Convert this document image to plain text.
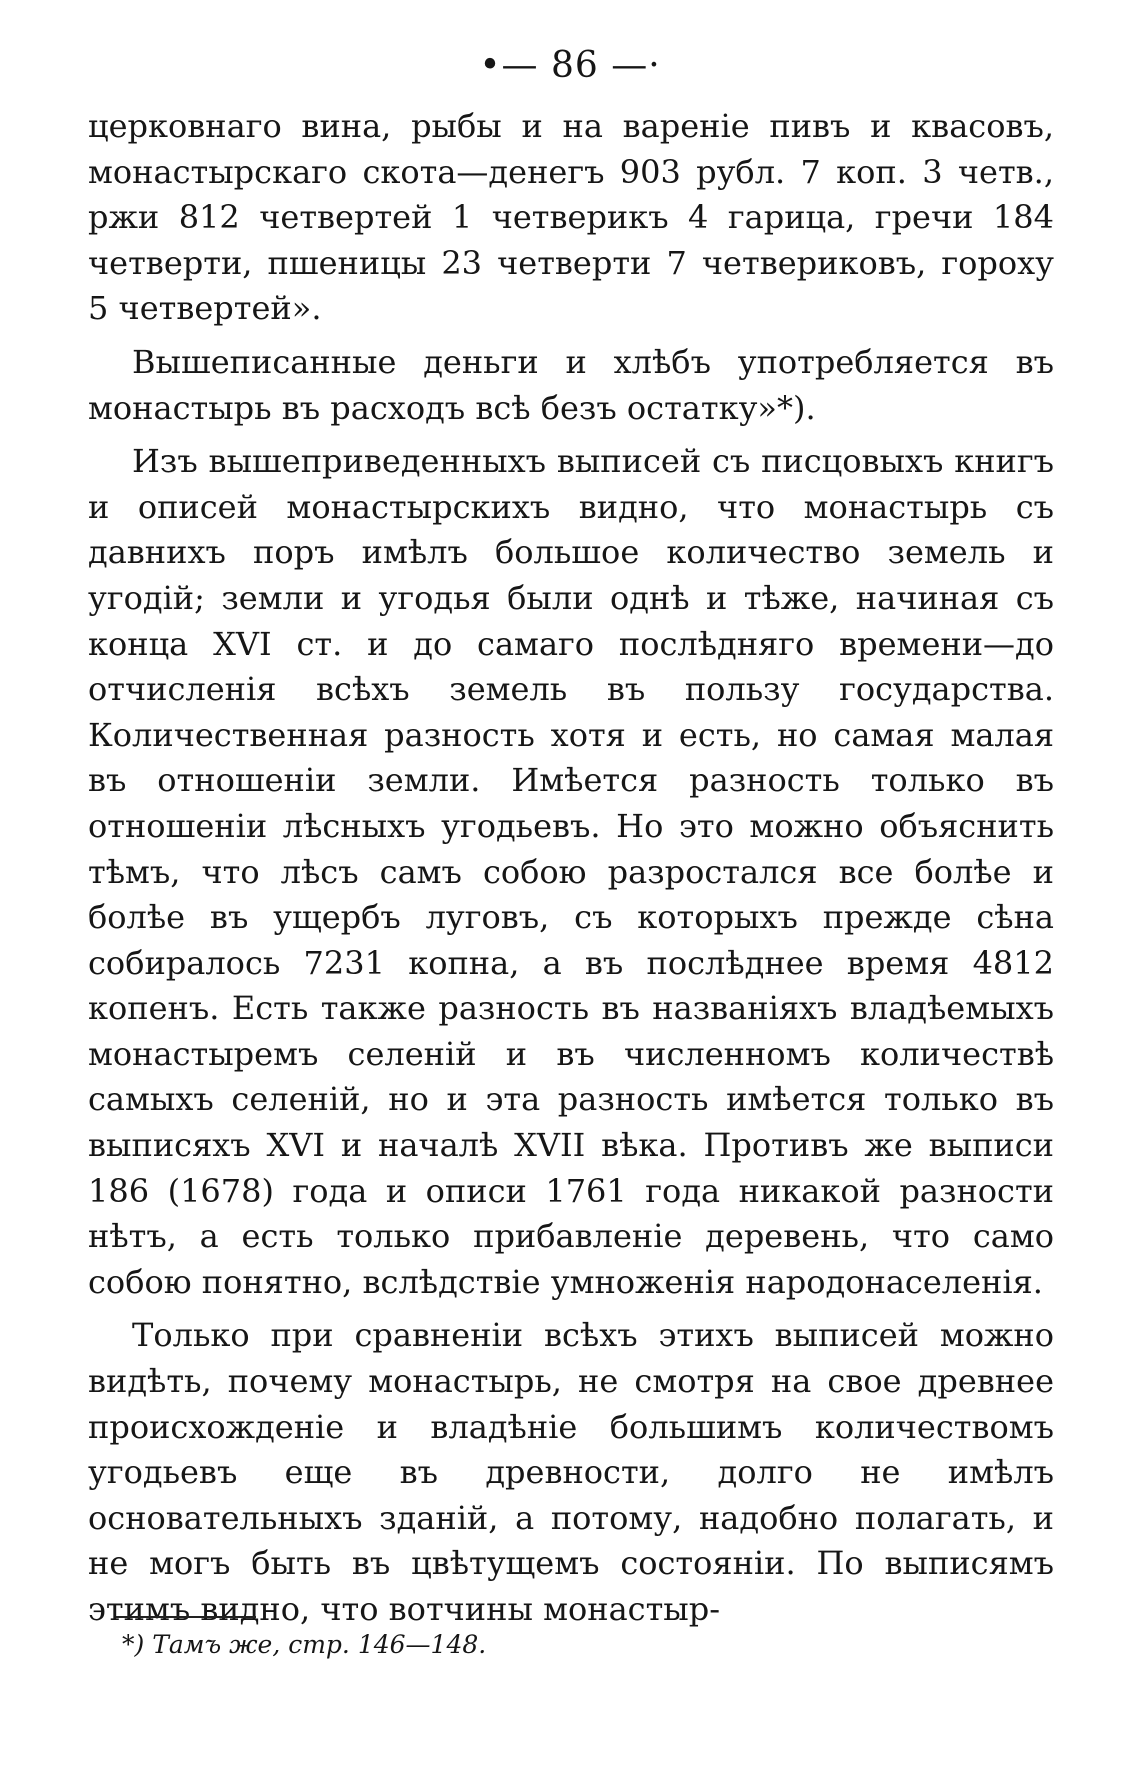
•— 86 —·

церковнаго вина, рыбы и на вареніе пивъ и квасовъ, монастырскаго скота—денегъ 903 рубл. 7 коп. 3 четв., ржи 812 четвертей 1 четверикъ 4 гарица, гречи 184 четверти, пшеницы 23 четверти 7 четвериковъ, гороху 5 четвертей».

Вышеписанные деньги и хлѣбъ употребляется въ монастырь въ расходъ всѣ безъ остатку»*).

Изъ вышеприведенныхъ выписей съ писцовыхъ книгъ и описей монастырскихъ видно, что монастырь съ давнихъ поръ имѣлъ большое количество земель и угодій; земли и угодья были однѣ и тѣже, начиная съ конца XVI ст. и до самаго послѣдняго времени—до отчисленія всѣхъ земель въ пользу государства. Количественная разность хотя и есть, но самая малая въ отношеніи земли. Имѣется разность только въ отношеніи лѣсныхъ угодьевъ. Но это можно объяснить тѣмъ, что лѣсъ самъ собою разростался все болѣе и болѣе въ ущербъ луговъ, съ которыхъ прежде сѣна собиралось 7231 копна, а въ послѣднее время 4812 копенъ. Есть также разность въ названіяхъ владѣемыхъ монастыремъ селеній и въ численномъ количествѣ самыхъ селеній, но и эта разность имѣется только въ выписяхъ XVI и началѣ XVII вѣка. Противъ же выписи 186 (1678) года и описи 1761 года никакой разности нѣтъ, а есть только прибавленіе деревень, что само собою понятно, вслѣдствіе умноженія народонаселенія.

Только при сравненіи всѣхъ этихъ выписей можно видѣть, почему монастырь, не смотря на свое древнее происхожденіе и владѣніе большимъ количествомъ угодьевъ еще въ древности, долго не имѣлъ основательныхъ зданій, а потому, надобно полагать, и не могъ быть въ цвѣтущемъ состояніи. По выписямъ этимъ видно, что вотчины монастыр-

*) Тамъ же, стр. 146—148.
